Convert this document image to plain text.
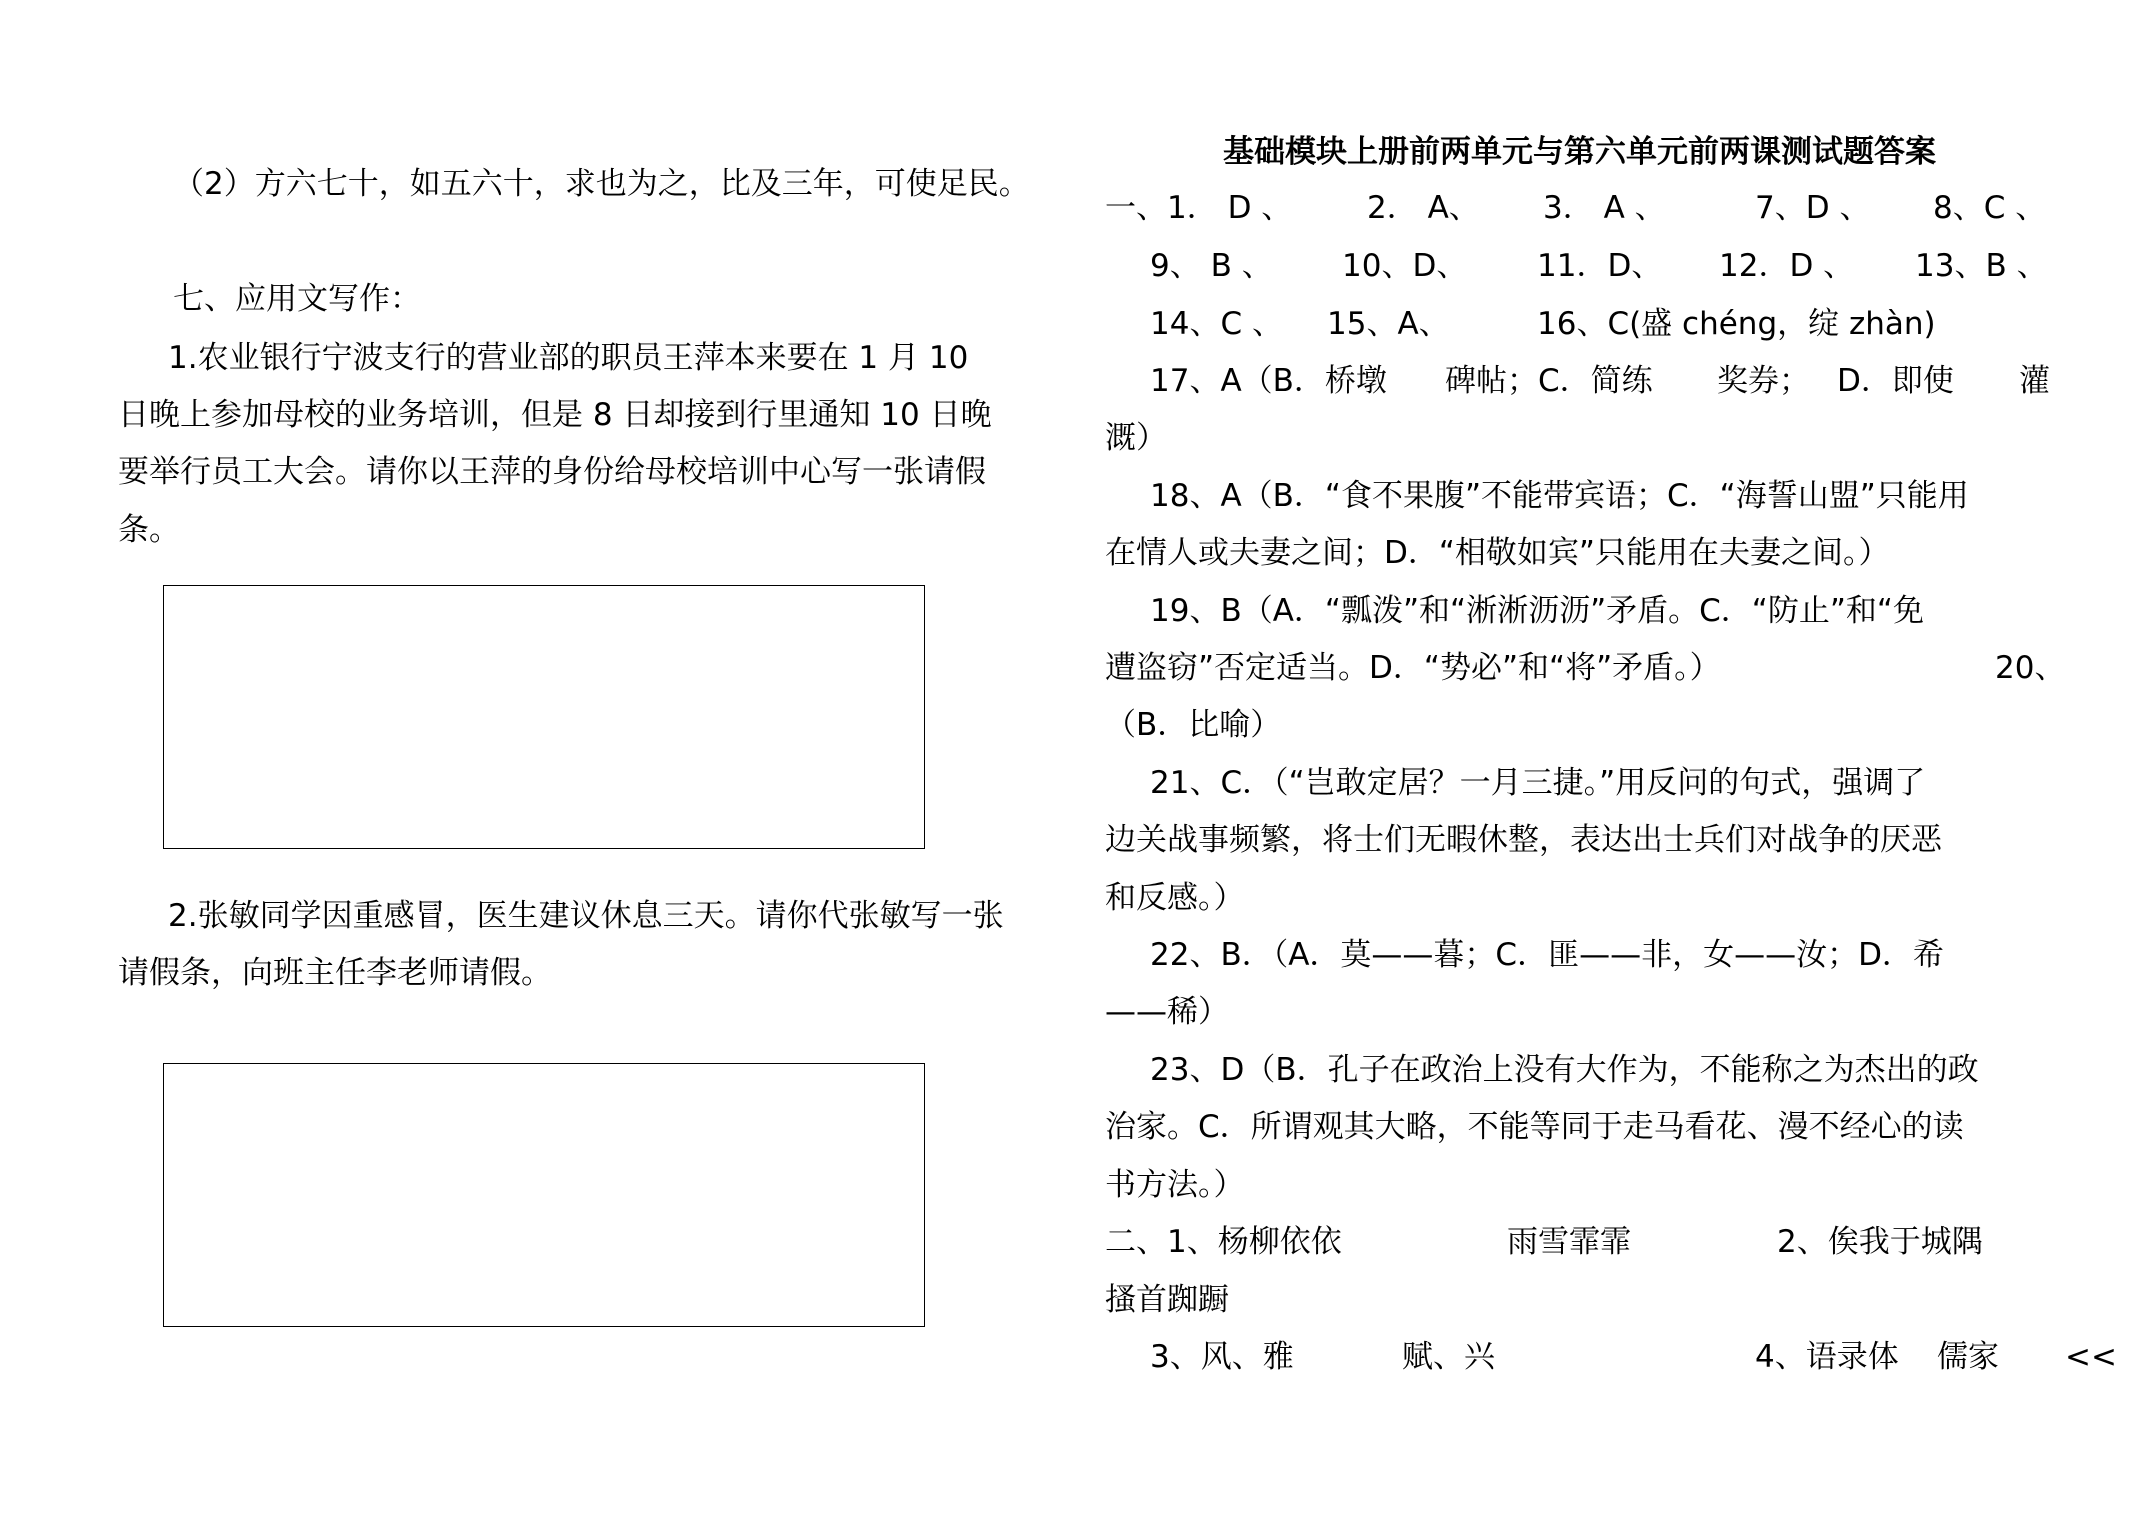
（2）方六七十，如五六十，求也为之，比及三年，可使足民。
七、应用文写作：
1.农业银行宁波支行的营业部的职员王萍本来要在 1 月 10
日晚上参加母校的业务培训，但是 8 日却接到行里通知 10 日晚
要举行员工大会。请你以王萍的身份给母校培训中心写一张请假
条。
2.张敏同学因重感冒，医生建议休息三天。请你代张敏写一张
请假条，向班主任李老师请假。
基础模块上册前两单元与第六单元前两课测试题答案
一、1． D 、 2． A、 3． A 、	7、D 、 8、C 、
9、 B 、 10、D、 11．D、 12．D 、 13、B 、
14、C 、 15、A、	16、C(盛 chéng，绽 zhàn)
17、A（B．桥墩 碑帖；C．简练 奖券； D．即使 灌
溉）
18、A（B．“食不果腹”不能带宾语；C．“海誓山盟”只能用
在情人或夫妻之间；D．“相敬如宾”只能用在夫妻之间。）
19、B（A．“瓢泼”和“淅淅沥沥”矛盾。C．“防止”和“免
遭盗窃”否定适当。D．“势必”和“将”矛盾。）	20、
（B．比喻）
21、C．（“岂敢定居？一月三捷。”用反问的句式，强调了
边关战事频繁，将士们无暇休整，表达出士兵们对战争的厌恶
和反感。）
22、B．（A．莫——暮；C．匪——非，女——汝；D．希
——稀）
23、D（B．孔子在政治上没有大作为，不能称之为杰出的政
治家。C．所谓观其大略，不能等同于走马看花、漫不经心的读
书方法。）
二、1、杨柳依依	雨雪霏霏	2、俟我于城隅
搔首踟蹰
3、风、雅	赋、兴	4、语录体 儒家 <<
